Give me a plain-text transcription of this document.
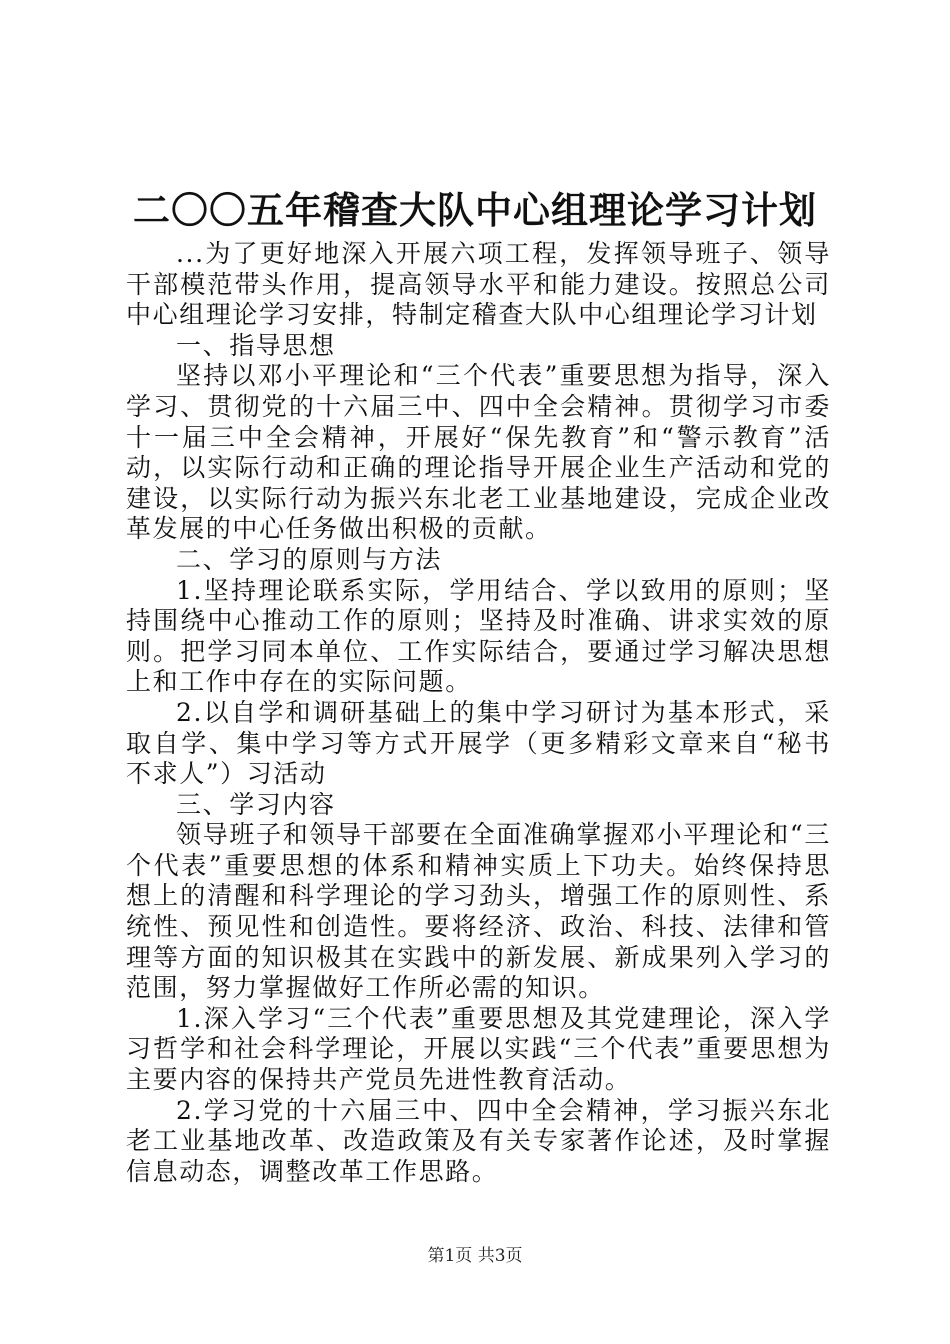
二〇〇五年稽查大队中心组理论学习计划

...为了更好地深入开展六项工程，发挥领导班子、领导干部模范带头作用，提高领导水平和能力建设。按照总公司中心组理论学习安排，特制定稽查大队中心组理论学习计划

一、指导思想

坚持以邓小平理论和“三个代表”重要思想为指导，深入学习、贯彻党的十六届三中、四中全会精神。贯彻学习市委十一届三中全会精神，开展好“保先教育”和“警示教育”活动，以实际行动和正确的理论指导开展企业生产活动和党的建设，以实际行动为振兴东北老工业基地建设，完成企业改革发展的中心任务做出积极的贡献。

二、学习的原则与方法

1.坚持理论联系实际，学用结合、学以致用的原则；坚持围绕中心推动工作的原则；坚持及时准确、讲求实效的原则。把学习同本单位、工作实际结合，要通过学习解决思想上和工作中存在的实际问题。

2.以自学和调研基础上的集中学习研讨为基本形式，采取自学、集中学习等方式开展学（更多精彩文章来自“秘书不求人”）习活动

三、学习内容

领导班子和领导干部要在全面准确掌握邓小平理论和“三个代表”重要思想的体系和精神实质上下功夫。始终保持思想上的清醒和科学理论的学习劲头，增强工作的原则性、系统性、预见性和创造性。要将经济、政治、科技、法律和管理等方面的知识极其在实践中的新发展、新成果列入学习的范围，努力掌握做好工作所必需的知识。

1.深入学习“三个代表”重要思想及其党建理论，深入学习哲学和社会科学理论，开展以实践“三个代表”重要思想为主要内容的保持共产党员先进性教育活动。

2.学习党的十六届三中、四中全会精神，学习振兴东北老工业基地改革、改造政策及有关专家著作论述，及时掌握信息动态，调整改革工作思路。

第1页 共3页
